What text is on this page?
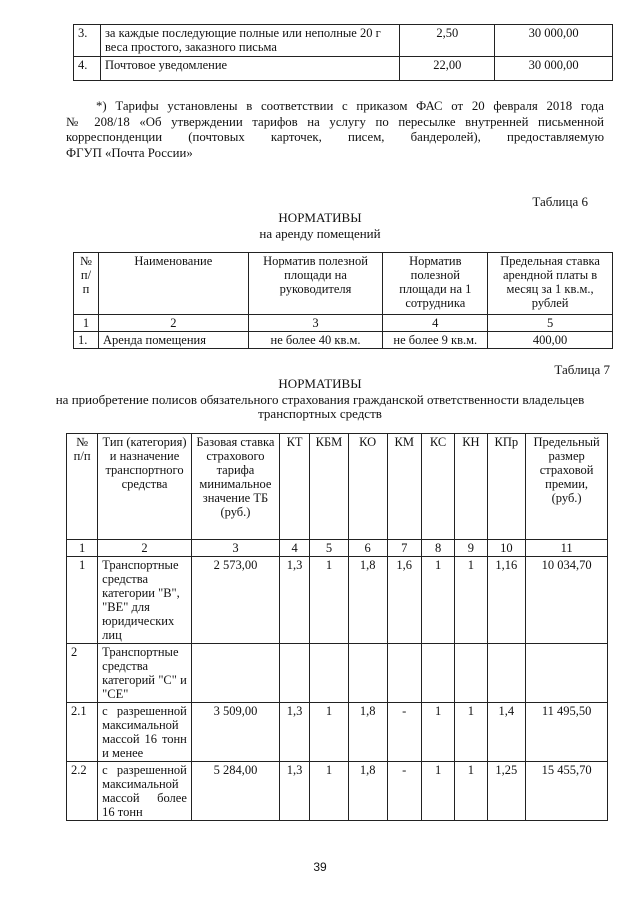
3.	за каждые последующие полные или неполные 20 г веса простого, заказного письма	2,50	30 000,00
4.	Почтовое уведомление	22,00	30 000,00

*) Тарифы установлены в соответствии с приказом ФАС от 20 февраля 2018 года
№ 208/18 «Об утверждении тарифов на услугу по пересылке внутренней письменной
корреспонденции (почтовых карточек, писем, бандеролей), предоставляемую
ФГУП «Почта России»

Таблица 6
НОРМАТИВЫ
на аренду помещений
№ п/п	Наименование	Норматив полезной площади на руководителя	Норматив полезной площади на 1 сотрудника	Предельная ставка арендной платы в месяц за 1 кв.м., рублей
1	2	3	4	5
1.	Аренда помещения	не более 40 кв.м.	не более 9 кв.м.	400,00
Таблица 7
НОРМАТИВЫ
на приобретение полисов обязательного страхования гражданской ответственности владельцев
транспортных средств
№ п/п	Тип (категория) и назначение транспортного средства	Базовая ставка страхового тарифа минимальное значение ТБ (руб.)	КТ	КБМ	КО	КМ	КС	КН	КПр	Предельный размер страховой премии, (руб.)
1	2	3	4	5	6	7	8	9	10	11
1	Транспортные средства категории "В", "ВЕ" для юридических лиц	2 573,00	1,3	1	1,8	1,6	1	1	1,16	10 034,70
2	Транспортные средства категорий "С" и "СЕ"									
2.1	с разрешенной максимальной массой 16 тонн и менее	3 509,00	1,3	1	1,8	-	1	1	1,4	11 495,50
2.2	с разрешенной максимальной массой более 16 тонн	5 284,00	1,3	1	1,8	-	1	1	1,25	15 455,70
39
